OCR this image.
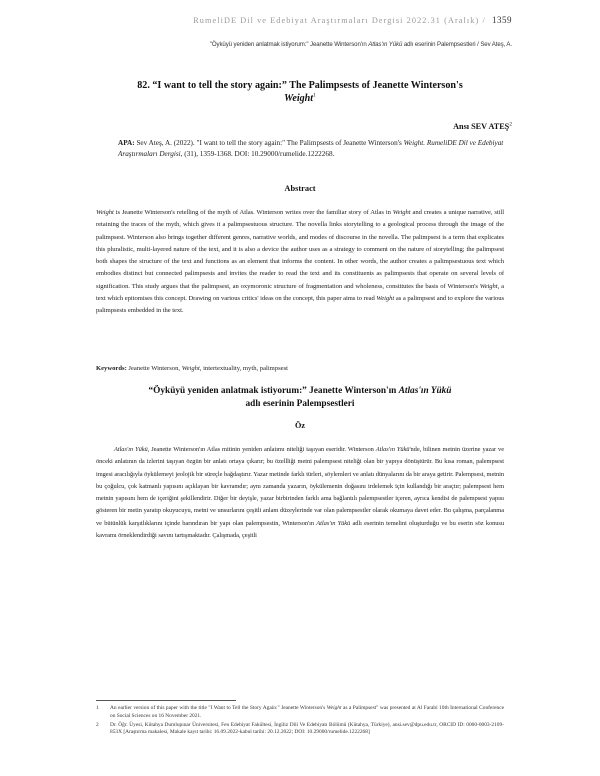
RumeliDE Dil ve Edebiyat Araştırmaları Dergisi 2022.31 (Aralık) / 1359
"Öyküyü yeniden anlatmak istiyorum:" Jeanette Winterson'ın Atlas'ın Yükü adlı eserinin Palempsestleri / Sev Ateş, A.
82. “I want to tell the story again:” The Palimpsests of Jeanette Winterson's
Weight$^1$
Ansı SEV ATEŞ$^2$
APA: Sev Ateş, A. (2022). "I want to tell the story again:" The Palimpsests of Jeanette Winterson's Weight. RumeliDE Dil ve Edebiyat Araştırmaları Dergisi, (31), 1359-1368. DOI: 10.29000/rumelide.1222268.
Abstract
Weight is Jeanette Winterson's retelling of the myth of Atlas. Winterson writes over the familiar story of Atlas in Weight and creates a unique narrative, still retaining the traces of the myth, which gives it a palimpsestuous structure. The novella links storytelling to a geological process through the image of the palimpsest. Winterson also brings together different genres, narrative worlds, and modes of discourse in the novella. The palimpsest is a term that explicates this pluralistic, multi-layered nature of the text, and it is also a device the author uses as a strategy to comment on the nature of storytelling; the palimpsest both shapes the structure of the text and functions as an element that informs the content. In other words, the author creates a palimpsestuous text which embodies distinct but connected palimpsests and invites the reader to read the text and its constituents as palimpsests that operate on several levels of signification. This study argues that the palimpsest, an oxymoronic structure of fragmentation and wholeness, constitutes the basis of Winterson's Weight, a text which epitomises this concept. Drawing on various critics' ideas on the concept, this paper aims to read Weight as a palimpsest and to explore the various palimpsests embedded in the text.
Keywords: Jeanette Winterson, Weight, intertextuality, myth, palimpsest
“Öyküyü yeniden anlatmak istiyorum:” Jeanette Winterson'ın Atlas'ın Yükü
adlı eserinin Palempsestleri
Öz
Atlas'ın Yükü, Jeanette Winterson'ın Atlas mitinin yeniden anlatımı niteliği taşıyan eseridir. Winterson Atlas'ın Yükü'nde, bilinen metnin üzerine yazar ve önceki anlatının da izlerini taşıyan özgün bir anlatı ortaya çıkarır; bu özellliği metni palempsest niteliği olan bir yapıya dönüştürür. Bu kısa roman, palempsest imgesi aracılığıyla öykülemeyi jeolojik bir süreçle bağdaştırır. Yazar metinde farklı türleri, söylemleri ve anlatı dünyalarını da bir araya getirir. Palempsest, metnin bu çoğulcu, çok katmanlı yapısını açıklayan bir kavramdır; aynı zamanda yazarın, öykülemenin doğasını irdelemek için kullandığı bir araçtır; palempsest hem metnin yapısını hem de içeriğini şekillendirir. Diğer bir deyişle, yazar birbirinden farklı ama bağlantılı palempsestler içeren, ayrıca kendisi de palempsest yapısı gösteren bir metin yaratıp okuyucuyu, metni ve unsurlarını çeşitli anlam düzeylerinde var olan palempsestler olarak okumaya davet eder. Bu çalışma, parçalanma ve bütünlük karşıtlıklarını içinde barındıran bir yapı olan palempsestin, Winterson'ın Atlas'ın Yükü adlı eserinin temelini oluşturduğu ve bu eserin söz konusu kavramı örneklendirdiği savını tartışmaktadır. Çalışmada, çeşitli
1 An earlier version of this paper with the title "I Want to Tell the Story Again:" Jeanette Winterson's Weight as a Palimpsest" was presented at Al Farabi 10th International Conference on Social Sciences on 16 November 2021.
2 Dr. Öğr. Üyesi, Kütahya Dumlupınar Üniversitesi, Fen Edebiyat Fakültesi, İngiliz Dili Ve Edebiyatı Bölümü (Kütahya, Türkiye), ansi.sev@dpu.edu.tr, ORCID ID: 0000-0003-2109-853X [Araştırma makalesi, Makale kayıt tarihi: 16.09.2022-kabul tarihi: 20.12.2022; DOI: 10.29000/rumelide.1222268]
